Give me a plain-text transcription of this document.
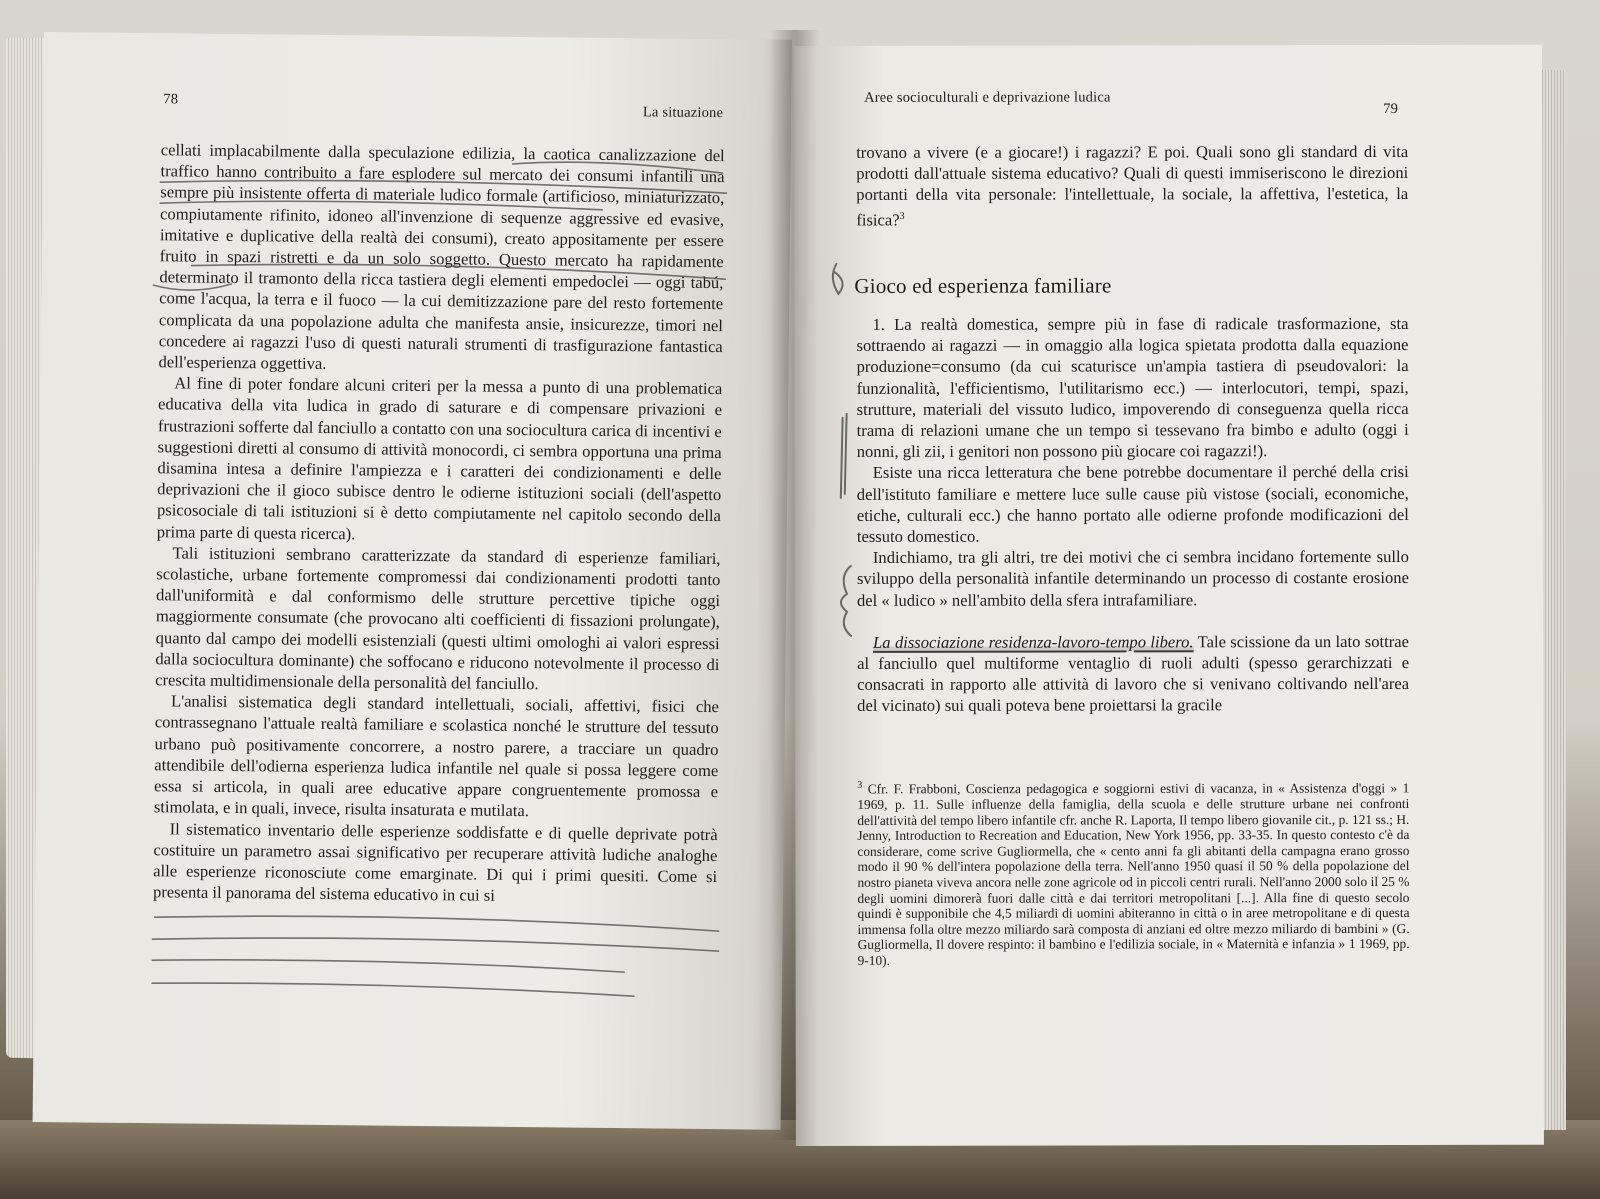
78
La situazione

cellati implacabilmente dalla speculazione edilizia, la caotica canalizzazione del traffico hanno contribuito a fare esplodere sul mercato dei consumi infantili una sempre più insistente offerta di materiale ludico formale (artificioso, miniaturizzato, compiutamente rifinito, idoneo all'invenzione di sequenze aggressive ed evasive, imitative e duplicative della realtà dei consumi), creato appositamente per essere fruito in spazi ristretti e da un solo soggetto. Questo mercato ha rapidamente determinato il tramonto della ricca tastiera degli elementi empedoclei — oggi tabú, come l'acqua, la terra e il fuoco — la cui demitizzazione pare del resto fortemente complicata da una popolazione adulta che manifesta ansie, insicurezze, timori nel concedere ai ragazzi l'uso di questi naturali strumenti di trasfigurazione fantastica dell'esperienza oggettiva.

Al fine di poter fondare alcuni criteri per la messa a punto di una problematica educativa della vita ludica in grado di saturare e di compensare privazioni e frustrazioni sofferte dal fanciullo a contatto con una sociocultura carica di incentivi e suggestioni diretti al consumo di attività monocordi, ci sembra opportuna una prima disamina intesa a definire l'ampiezza e i caratteri dei condizionamenti e delle deprivazioni che il gioco subisce dentro le odierne istituzioni sociali (dell'aspetto psicosociale di tali istituzioni si è detto compiutamente nel capitolo secondo della prima parte di questa ricerca).

Tali istituzioni sembrano caratterizzate da standard di esperienze familiari, scolastiche, urbane fortemente compromessi dai condizionamenti prodotti tanto dall'uniformità e dal conformismo delle strutture percettive tipiche oggi maggiormente consumate (che provocano alti coefficienti di fissazioni prolungate), quanto dal campo dei modelli esistenziali (questi ultimi omologhi ai valori espressi dalla sociocultura dominante) che soffocano e riducono notevolmente il processo di crescita multidimensionale della personalità del fanciullo.

L'analisi sistematica degli standard intellettuali, sociali, affettivi, fisici che contrassegnano l'attuale realtà familiare e scolastica nonché le strutture del tessuto urbano può positivamente concorrere, a nostro parere, a tracciare un quadro attendibile dell'odierna esperienza ludica infantile nel quale si possa leggere come essa si articola, in quali aree educative appare congruentemente promossa e stimolata, e in quali, invece, risulta insaturata e mutilata.

Il sistematico inventario delle esperienze soddisfatte e di quelle deprivate potrà costituire un parametro assai significativo per recuperare attività ludiche analoghe alle esperienze riconosciute come emarginate. Di qui i primi quesiti. Come si presenta il panorama del sistema educativo in cui si

Aree socioculturali e deprivazione ludica
79

trovano a vivere (e a giocare!) i ragazzi? E poi. Quali sono gli standard di vita prodotti dall'attuale sistema educativo? Quali di questi immiseriscono le direzioni portanti della vita personale: l'intellettuale, la sociale, la affettiva, l'estetica, la fisica?$^3$

Gioco ed esperienza familiare

1. La realtà domestica, sempre più in fase di radicale trasformazione, sta sottraendo ai ragazzi — in omaggio alla logica spietata prodotta dalla equazione produzione=consumo (da cui scaturisce un'ampia tastiera di pseudovalori: la funzionalità, l'efficientismo, l'utilitarismo ecc.) — interlocutori, tempi, spazi, strutture, materiali del vissuto ludico, impoverendo di conseguenza quella ricca trama di relazioni umane che un tempo si tessevano fra bimbo e adulto (oggi i nonni, gli zii, i genitori non possono più giocare coi ragazzi!).

Esiste una ricca letteratura che bene potrebbe documentare il perché della crisi dell'istituto familiare e mettere luce sulle cause più vistose (sociali, economiche, etiche, culturali ecc.) che hanno portato alle odierne profonde modificazioni del tessuto domestico.

Indichiamo, tra gli altri, tre dei motivi che ci sembra incidano fortemente sullo sviluppo della personalità infantile determinando un processo di costante erosione del « ludico » nell'ambito della sfera intrafamiliare.

La dissociazione residenza-lavoro-tempo libero. Tale scissione da un lato sottrae al fanciullo quel multiforme ventaglio di ruoli adulti (spesso gerarchizzati e consacrati in rapporto alle attività di lavoro che si venivano coltivando nell'area del vicinato) sui quali poteva bene proiettarsi la gracile

$^3$ Cfr. F. Frabboni, Coscienza pedagogica e soggiorni estivi di vacanza, in « Assistenza d'oggi » 1 1969, p. 11. Sulle influenze della famiglia, della scuola e delle strutture urbane nei confronti dell'attività del tempo libero infantile cfr. anche R. Laporta, Il tempo libero giovanile cit., p. 121 ss.; H. Jenny, Introduction to Recreation and Education, New York 1956, pp. 33-35. In questo contesto c'è da considerare, come scrive Gugliormella, che « cento anni fa gli abitanti della campagna erano grosso modo il 90 % dell'intera popolazione della terra. Nell'anno 1950 quasi il 50 % della popolazione del nostro pianeta viveva ancora nelle zone agricole od in piccoli centri rurali. Nell'anno 2000 solo il 25 % degli uomini dimorerà fuori dalle città e dai territori metropolitani [...]. Alla fine di questo secolo quindi è supponibile che 4,5 miliardi di uomini abiteranno in città o in aree metropolitane e di questa immensa folla oltre mezzo miliardo sarà composta di anziani ed oltre mezzo miliardo di bambini » (G. Gugliormella, Il dovere respinto: il bambino e l'edilizia sociale, in « Maternità e infanzia » 1 1969, pp. 9-10).
